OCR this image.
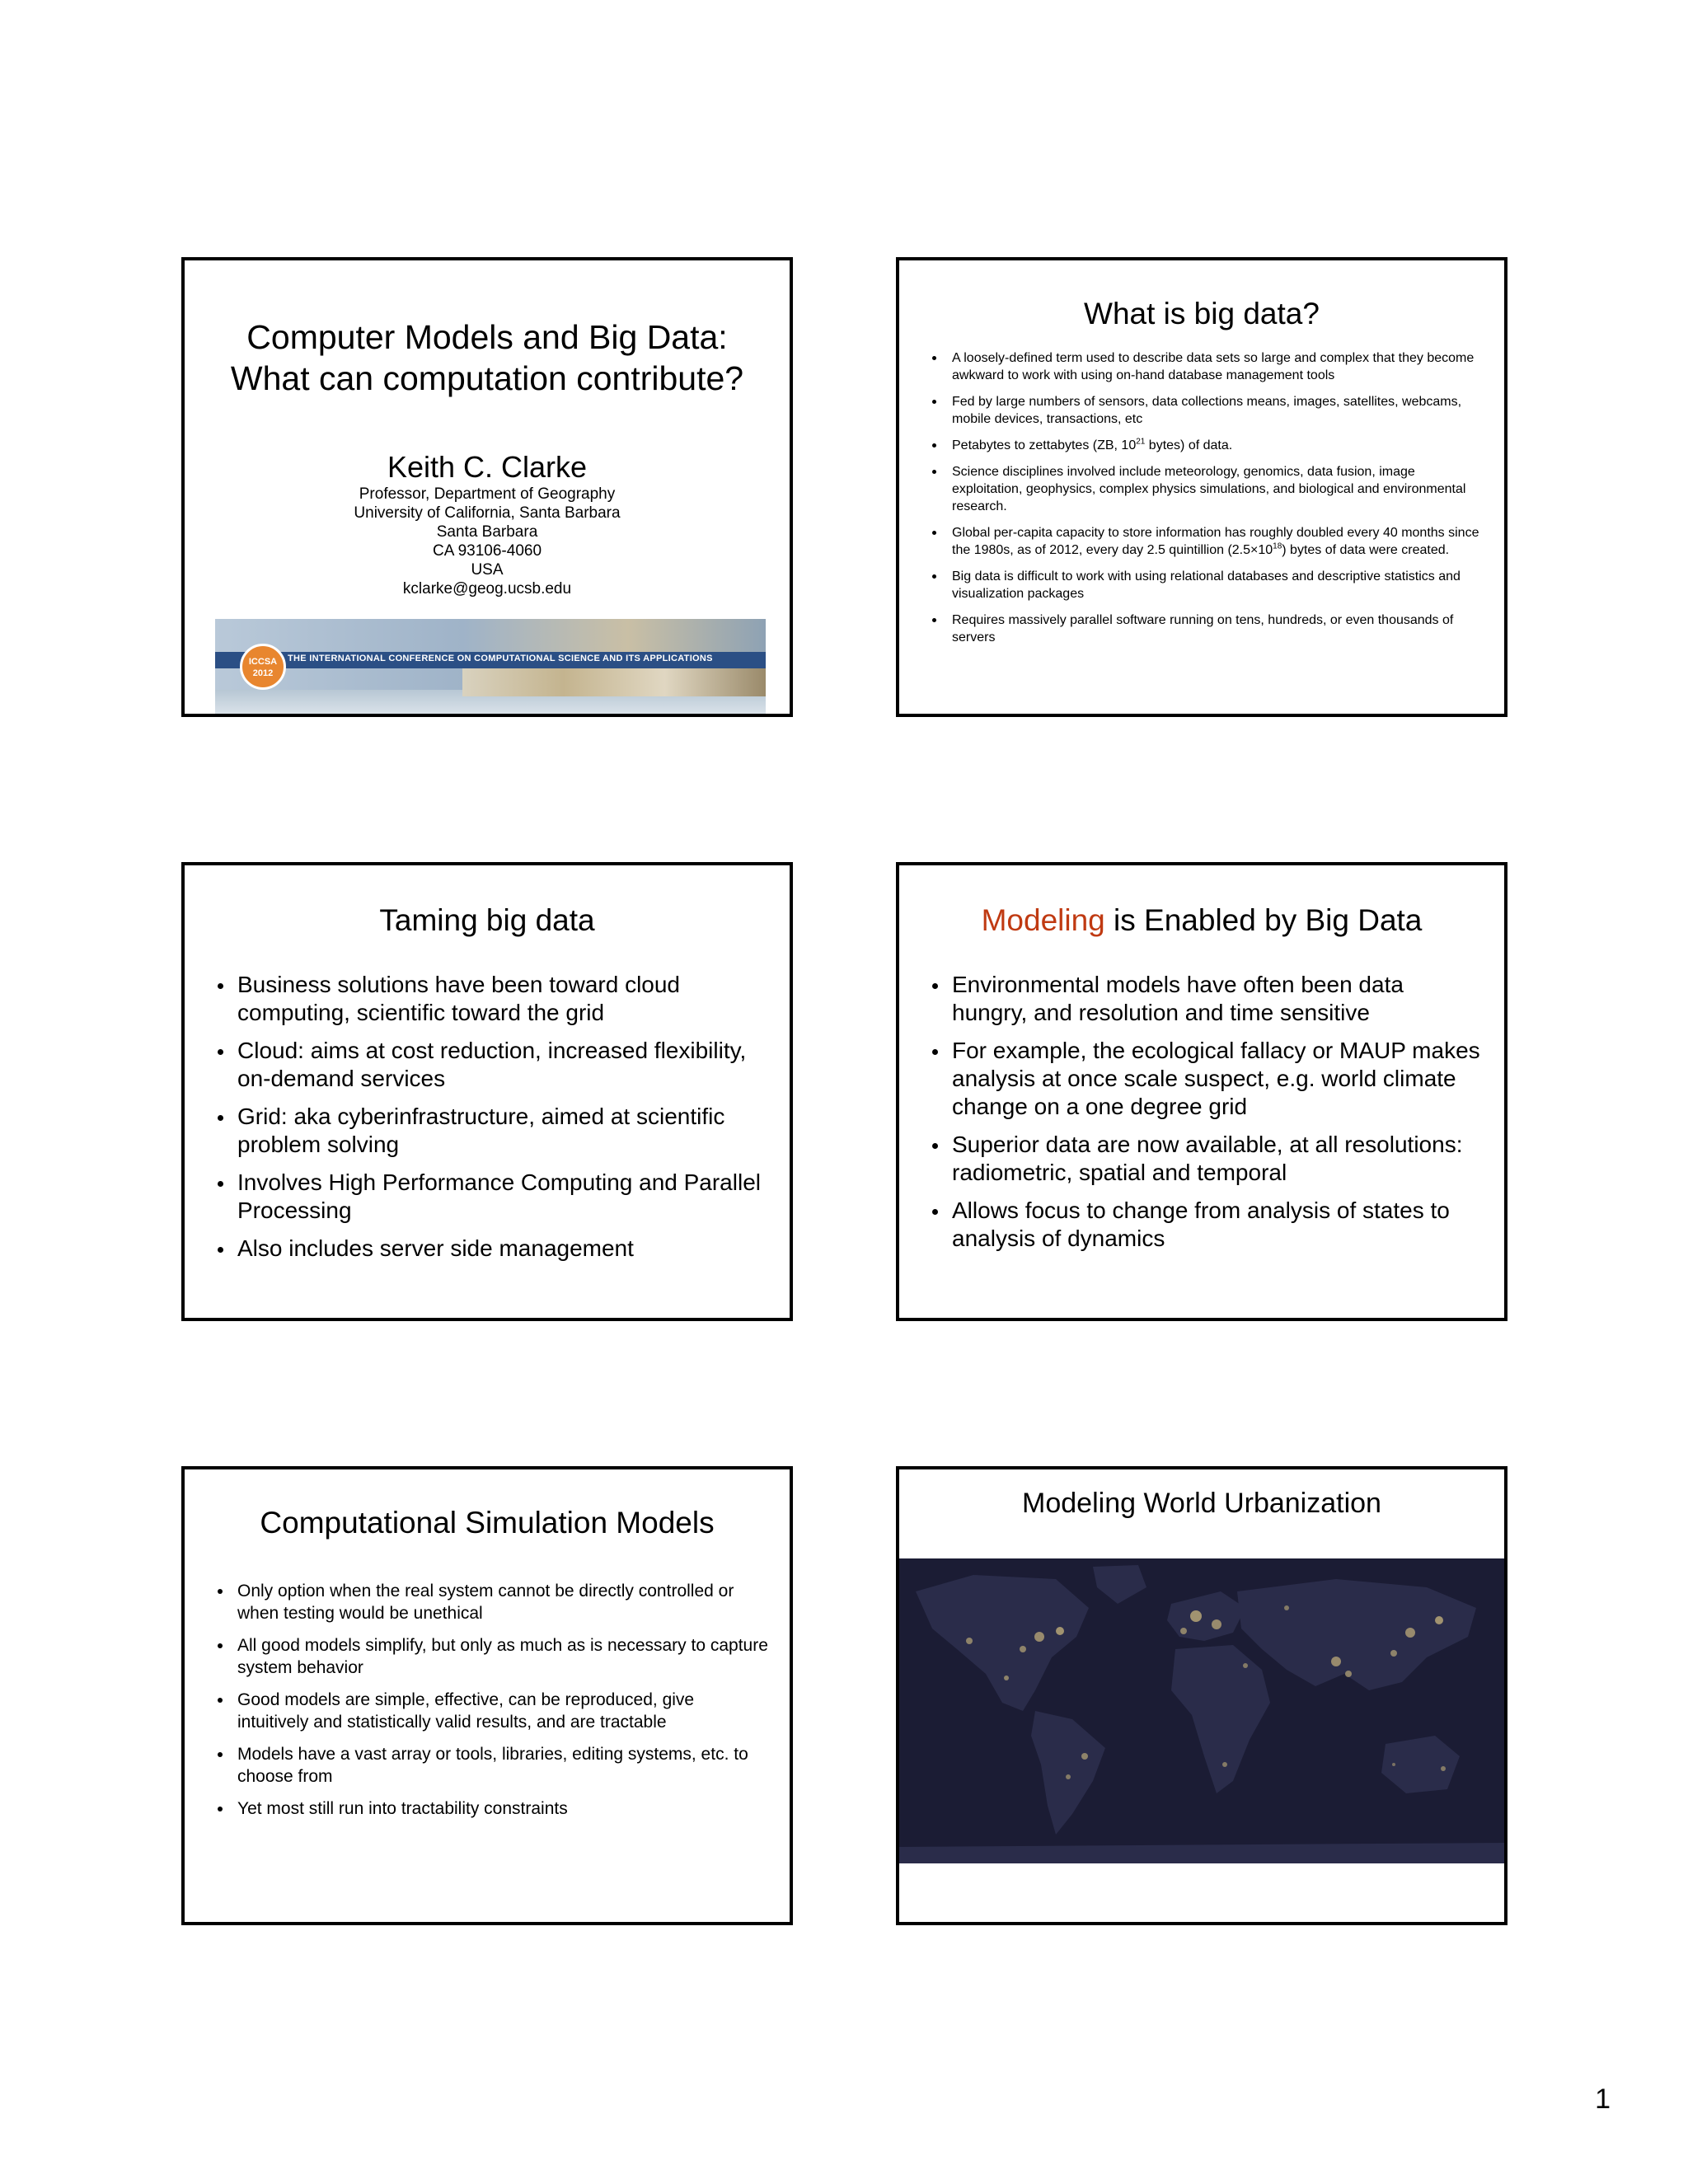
Computer Models and Big Data:
What can computation contribute?
Keith C. Clarke
Professor, Department of Geography
University of California, Santa Barbara
Santa Barbara
CA 93106-4060
USA
kclarke@geog.ucsb.edu
THE INTERNATIONAL CONFERENCE ON COMPUTATIONAL SCIENCE AND ITS APPLICATIONS
ICCSA
2012
What is big data?
A loosely-defined term used to describe data sets so large and complex that they become awkward to work with using on-hand database management tools
Fed by large numbers of sensors, data collections means, images, satellites, webcams, mobile devices, transactions, etc
Petabytes to zettabytes (ZB, $10^{21}$ bytes) of data.
Science disciplines involved include meteorology, genomics, data fusion, image exploitation, geophysics, complex physics simulations, and biological and environmental research.
Global per-capita capacity to store information has roughly doubled every 40 months since the 1980s, as of 2012, every day 2.5 quintillion $(2.5\times 10^{18})$ bytes of data were created.
Big data is difficult to work with using relational databases and descriptive statistics and visualization packages
Requires massively parallel software running on tens, hundreds, or even thousands of servers
Taming big data
Business solutions have been toward cloud computing, scientific toward the grid
Cloud: aims at cost reduction, increased flexibility, on-demand services
Grid: aka cyberinfrastructure, aimed at scientific problem solving
Involves High Performance Computing and Parallel Processing
Also includes server side management
Modeling is Enabled by Big Data
Environmental models have often been data hungry, and resolution and time sensitive
For example, the ecological fallacy or MAUP makes analysis at once scale suspect, e.g. world climate change on a one degree grid
Superior data are now available, at all resolutions: radiometric, spatial and temporal
Allows focus to change from analysis of states to analysis of dynamics
Computational Simulation Models
Only option when the real system cannot be directly controlled or when testing would be unethical
All good models simplify, but only as much as is necessary to capture system behavior
Good models are simple, effective, can be reproduced, give intuitively and statistically valid results, and are tractable
Models have a vast array or tools, libraries, editing systems, etc. to choose from
Yet most still run into tractability constraints
Modeling World Urbanization
1
